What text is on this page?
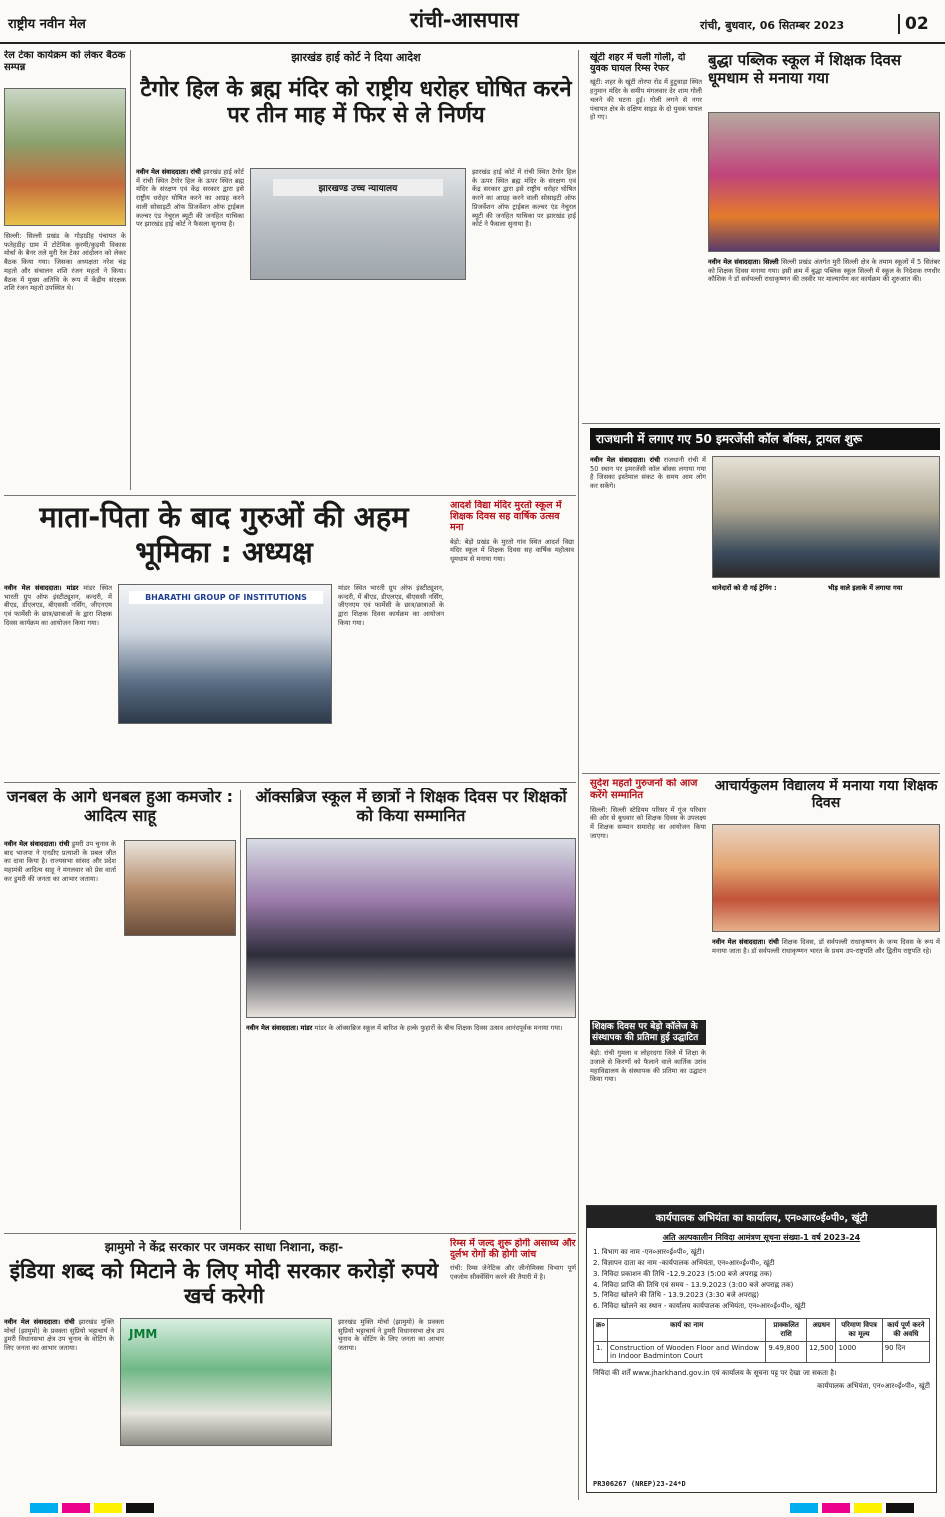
राष्ट्रीय नवीन मेल	रांची-आसपास	रांची, बुधवार, 06 सितम्बर 2023	02
रेल टेका कार्यक्रम को लेकर बैठक सम्पन्न
सिल्ली: सिल्ली प्रखंड के गोड़ाडीह पंचायत के फतेहडीह ग्राम में टोटेमिक कुरमी/कुड़मी विकास मोर्चा के बैनर तले मुरी रेल टेका आंदोलन को लेकर बैठक किया गया। जिसका अध्यक्षता नरेश चंद्र महतो और संचालन शशि रंजन महतो ने किया। बैठक में मुख्य अतिथि के रूप में केंद्रीय संरक्षक शशि रंजन महतो उपस्थित थे।
झारखंड हाई कोर्ट ने दिया आदेश
टैगोर हिल के ब्रह्म मंदिर को राष्ट्रीय धरोहर घोषित करने पर तीन माह में फिर से ले निर्णय
झारखण्ड उच्च न्यायालय
नवीन मेल संवाददाता। रांची झारखंड हाई कोर्ट में रांची स्थित टैगोर हिल के ऊपर स्थित ब्रह्म मंदिर के संरक्षण एवं केंद्र सरकार द्वारा इसे राष्ट्रीय धरोहर घोषित करने का आग्रह करने वाली सोसाइटी ऑफ प्रिजर्वेशन ऑफ ट्राईबल कल्चर एंड नेचुरल ब्यूटी की जनहित याचिका पर झारखंड हाई कोर्ट ने फैसला सुनाया है।
झारखंड हाई कोर्ट में रांची स्थित टैगोर हिल के ऊपर स्थित ब्रह्म मंदिर के संरक्षण एवं केंद्र सरकार द्वारा इसे राष्ट्रीय धरोहर घोषित करने का आग्रह करने वाली सोसाइटी ऑफ प्रिजर्वेशन ऑफ ट्राईबल कल्चर एंड नेचुरल ब्यूटी की जनहित याचिका पर झारखंड हाई कोर्ट ने फैसला सुनाया है।
खूंटी शहर में चली गोली, दो युवक घायल रिम्स रेफर
खूंटी: शहर के खूंटी तोरपा रोड में हुटुवाड़ा स्थित हनुमान मंदिर के समीप मंगलवार देर शाम गोली चलने की घटना हुई। गोली लगने से नगर पंचायत क्षेत्र के दक्षिण साइड के दो युवक घायल हो गए।
बुद्धा पब्लिक स्कूल में शिक्षक दिवस धूमधाम से मनाया गया
नवीन मेल संवाददाता। सिल्ली सिल्ली प्रखंड अंतर्गत मुरी सिल्ली क्षेत्र के तमाम स्कूलों में 5 सितंबर को शिक्षक दिवस मनाया गया। इसी क्रम में बुद्धा पब्लिक स्कूल सिल्ली में स्कूल के निदेशक रणधीर कौशिक ने डॉ सर्वपल्ली राधाकृष्णन की तस्वीर पर माल्यार्पण कर कार्यक्रम की शुरुआत की।
माता-पिता के बाद गुरुओं की अहम भूमिका : अध्यक्ष
BHARATHI GROUP OF INSTITUTIONS
नवीन मेल संवाददाता। मांडर मांडर स्थित भारती ग्रुप ऑफ इंस्टीट्यूशन, कन्दरी, में बीएड, डीएलएड, बीएससी नर्सिंग, जीएनएम एवं फार्मेसी के छात्र/छात्राओं के द्वारा शिक्षक दिवस कार्यक्रम का आयोजन किया गया।
मांडर स्थित भारती ग्रुप ऑफ इंस्टीट्यूशन, कन्दरी, में बीएड, डीएलएड, बीएससी नर्सिंग, जीएनएम एवं फार्मेसी के छात्र/छात्राओं के द्वारा शिक्षक दिवस कार्यक्रम का आयोजन किया गया।
आदर्श विद्या मंदिर मुरतो स्कूल में शिक्षक दिवस सह वार्षिक उत्सव मना
बेड़ो: बेड़ो प्रखंड के मुरतो गांव स्थित आदर्श विद्या मंदिर स्कूल में शिक्षक दिवस सह वार्षिक महोत्सव धूमधाम से मनाया गया।
राजधानी में लगाए गए 50 इमरजेंसी कॉल बॉक्स, ट्रायल शुरू
नवीन मेल संवाददाता। रांची राजधानी रांची में 50 स्थान पर इमरजेंसी कॉल बॉक्स लगाया गया है जिसका इस्तेमाल संकट के समय आम लोग कर सकेंगे।
थानेदारों को दी गई ट्रेनिंग :	भीड़ वाले इलाके में लगाया गया
जनबल के आगे धनबल हुआ कमजोर : आदित्य साहू
नवीन मेल संवाददाता। रांची डुमरी उप चुनाव के बाद भाजपा ने एनडीए प्रत्याशी के प्रबल जीत का दावा किया है। राज्यसभा सांसद और प्रदेश महामंत्री आदित्य साहू ने मंगलवार को प्रेस वार्ता कर डुमरी की जनता का आभार जताया।
ऑक्सब्रिज स्कूल में छात्रों ने शिक्षक दिवस पर शिक्षकों को किया सम्मानित
नवीन मेल संवाददाता। मांडर मांडर के ऑक्सब्रिज स्कूल में बारिश के हल्के फुहारों के बीच शिक्षक दिवस उत्सव आनंदपूर्वक मनाया गया।
सुदेश महतो गुरुजनों को आज करेंगे सम्मानित
सिल्ली: सिल्ली स्टेडियम परिसर में गूंज परिवार की ओर से बुधवार को शिक्षक दिवस के उपलक्ष्य में शिक्षक सम्मान समारोह का आयोजन किया जाएगा।
आचार्यकुलम विद्यालय में मनाया गया शिक्षक दिवस
नवीन मेल संवाददाता। रांची शिक्षक दिवस, डॉ सर्वपल्ली राधाकृष्णन के जन्म दिवस के रूप में मनाया जाता है। डॉ सर्वपल्ली राधाकृष्णन भारत के प्रथम उप-राष्ट्रपति और द्वितीय राष्ट्रपति रहे।
शिक्षक दिवस पर बेड़ो कॉलेज के संस्थापक की प्रतिमा हुई उद्घाटित
बेड़ो: रांची गुमला व लोहरदगा जिले में शिक्षा के उजाले से किरणों को फैलाने वाले कार्तिक उरांव महाविद्यालय के संस्थापक की प्रतिमा का उद्घाटन किया गया।
रिम्स में जल्द शुरू होगी असाध्य और दुर्लभ रोगों की होगी जांच
रांची: रिम्स जेनेटिक और जीनोमिक्स विभाग पूर्ण एक्जोम सीक्वेंसिंग करने की तैयारी में है।
झामुमो ने केंद्र सरकार पर जमकर साधा निशाना, कहा-
इंडिया शब्द को मिटाने के लिए मोदी सरकार करोड़ों रुपये खर्च करेगी
JMM
नवीन मेल संवाददाता। रांची झारखंड मुक्ति मोर्चा (झामुमो) के प्रवक्ता सुप्रियो भट्टाचार्य ने डुमरी विधानसभा क्षेत्र उप चुनाव के वोटिंग के लिए जनता का आभार जताया।
झारखंड मुक्ति मोर्चा (झामुमो) के प्रवक्ता सुप्रियो भट्टाचार्य ने डुमरी विधानसभा क्षेत्र उप चुनाव के वोटिंग के लिए जनता का आभार जताया।
कार्यपालक अभियंता का कार्यालय, एन०आर०ई०पी०, खूंटी
अति अल्पकालीन निविदा आमंत्रण सूचना संख्या-1 वर्ष 2023-24
1. विभाग का नाम -एन०आर०ई०पी०, खूंटी।
2. विज्ञापन दाता का नाम -कार्यपालक अभियंता, एन०आर०ई०पी०, खूंटी
3. निविदा प्रकाशन की तिथि -12.9.2023 (5:00 बजे अपराह्न तक)
4. निविदा प्राप्ति की तिथि एवं समय - 13.9.2023 (3:00 बजे अपराह्न तक)
5. निविदा खोलने की तिथि - 13.9.2023 (3:30 बजे अपराह्न)
6. निविदा खोलने का स्थान - कार्यालय कार्यपालक अभियंता, एन०आर०ई०पी०, खूंटी
क्र०	कार्य का नाम	प्राक्कलित राशि	अग्रधन	परिमाण विपत्र का मूल्य	कार्य पूर्ण करने की अवधि
1.	Construction of Wooden Floor and Window in Indoor Badminton Court	9.49,800	12,500	1000	90 दिन
निविदा की शर्तें www.jharkhand.gov.in एवं कार्यालय के सूचना पट्ट पर देखा जा सकता है।
कार्यपालक अभियंता, एन०आर०ई०पी०, खूंटी
PR306267 (NREP)23-24*D
